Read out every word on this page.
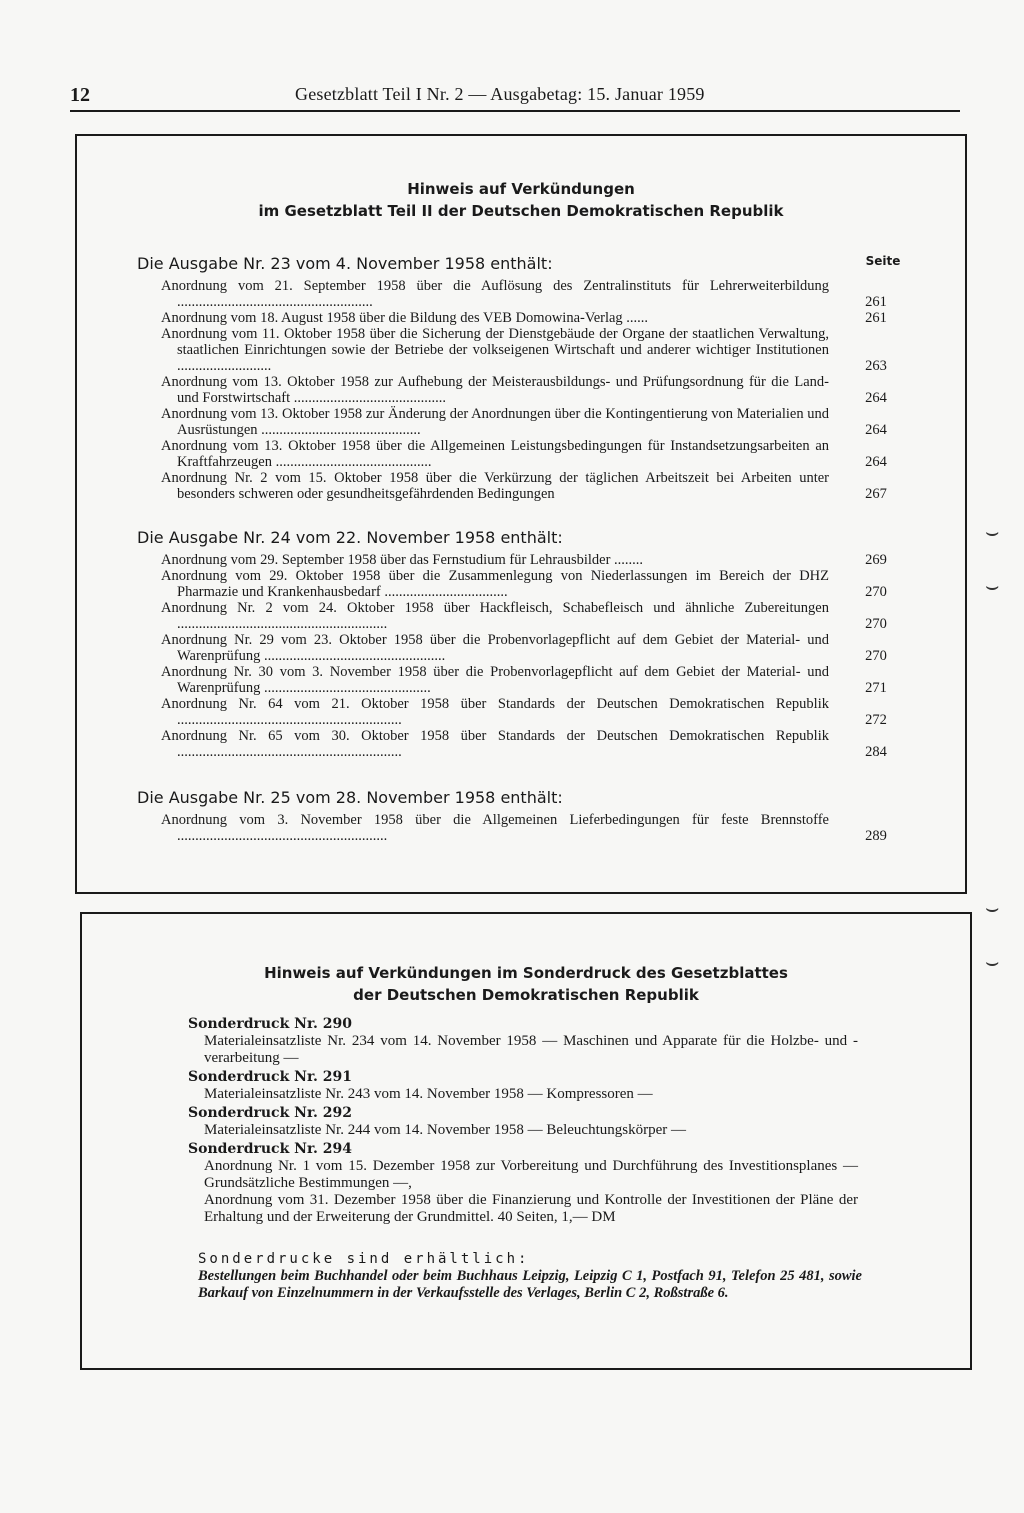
12	Gesetzblatt Teil I Nr. 2 — Ausgabetag: 15. Januar 1959
Hinweis auf Verkündungen
im Gesetzblatt Teil II der Deutschen Demokratischen Republik
Seite
Die Ausgabe Nr. 23 vom 4. November 1958 enthält:
Anordnung vom 21. September 1958 über die Auflösung des Zentralinstituts für Lehrerweiterbildung ......................................................	261
Anordnung vom 18. August 1958 über die Bildung des VEB Domowina-Verlag ......	261
Anordnung vom 11. Oktober 1958 über die Sicherung der Dienstgebäude der Organe der staatlichen Verwaltung, staatlichen Einrichtungen sowie der Betriebe der volkseigenen Wirtschaft und anderer wichtiger Institutionen ..........................	263
Anordnung vom 13. Oktober 1958 zur Aufhebung der Meisterausbildungs- und Prüfungsordnung für die Land- und Forstwirtschaft ..........................................	264
Anordnung vom 13. Oktober 1958 zur Änderung der Anordnungen über die Kontingentierung von Materialien und Ausrüstungen ............................................	264
Anordnung vom 13. Oktober 1958 über die Allgemeinen Leistungsbedingungen für Instandsetzungsarbeiten an Kraftfahrzeugen ...........................................	264
Anordnung Nr. 2 vom 15. Oktober 1958 über die Verkürzung der täglichen Arbeitszeit bei Arbeiten unter besonders schweren oder gesundheitsgefährdenden Bedingungen	267
Die Ausgabe Nr. 24 vom 22. November 1958 enthält:
Anordnung vom 29. September 1958 über das Fernstudium für Lehrausbilder ........	269
Anordnung vom 29. Oktober 1958 über die Zusammenlegung von Niederlassungen im Bereich der DHZ Pharmazie und Krankenhausbedarf ..................................	270
Anordnung Nr. 2 vom 24. Oktober 1958 über Hackfleisch, Schabefleisch und ähnliche Zubereitungen ..........................................................	270
Anordnung Nr. 29 vom 23. Oktober 1958 über die Probenvorlagepflicht auf dem Gebiet der Material- und Warenprüfung ..................................................	270
Anordnung Nr. 30 vom 3. November 1958 über die Probenvorlagepflicht auf dem Gebiet der Material- und Warenprüfung ..............................................	271
Anordnung Nr. 64 vom 21. Oktober 1958 über Standards der Deutschen Demokratischen Republik ..............................................................	272
Anordnung Nr. 65 vom 30. Oktober 1958 über Standards der Deutschen Demokratischen Republik ..............................................................	284
Die Ausgabe Nr. 25 vom 28. November 1958 enthält:
Anordnung vom 3. November 1958 über die Allgemeinen Lieferbedingungen für feste Brennstoffe ..........................................................	289
Hinweis auf Verkündungen im Sonderdruck des Gesetzblattes
der Deutschen Demokratischen Republik
Sonderdruck Nr. 290
Materialeinsatzliste Nr. 234 vom 14. November 1958 — Maschinen und Apparate für die Holzbe- und -verarbeitung —
Sonderdruck Nr. 291
Materialeinsatzliste Nr. 243 vom 14. November 1958 — Kompressoren —
Sonderdruck Nr. 292
Materialeinsatzliste Nr. 244 vom 14. November 1958 — Beleuchtungskörper —
Sonderdruck Nr. 294
Anordnung Nr. 1 vom 15. Dezember 1958 zur Vorbereitung und Durchführung des Investitionsplanes — Grundsätzliche Bestimmungen —,
Anordnung vom 31. Dezember 1958 über die Finanzierung und Kontrolle der Investitionen der Pläne der Erhaltung und der Erweiterung der Grundmittel. 40 Seiten, 1,— DM
Sonderdrucke sind erhältlich:
Bestellungen beim Buchhandel oder beim Buchhaus Leipzig, Leipzig C 1, Postfach 91, Telefon 25 481, sowie Barkauf von Einzelnummern in der Verkaufsstelle des Verlages, Berlin C 2, Roßstraße 6.
⌣
⌣
⌣
⌣
